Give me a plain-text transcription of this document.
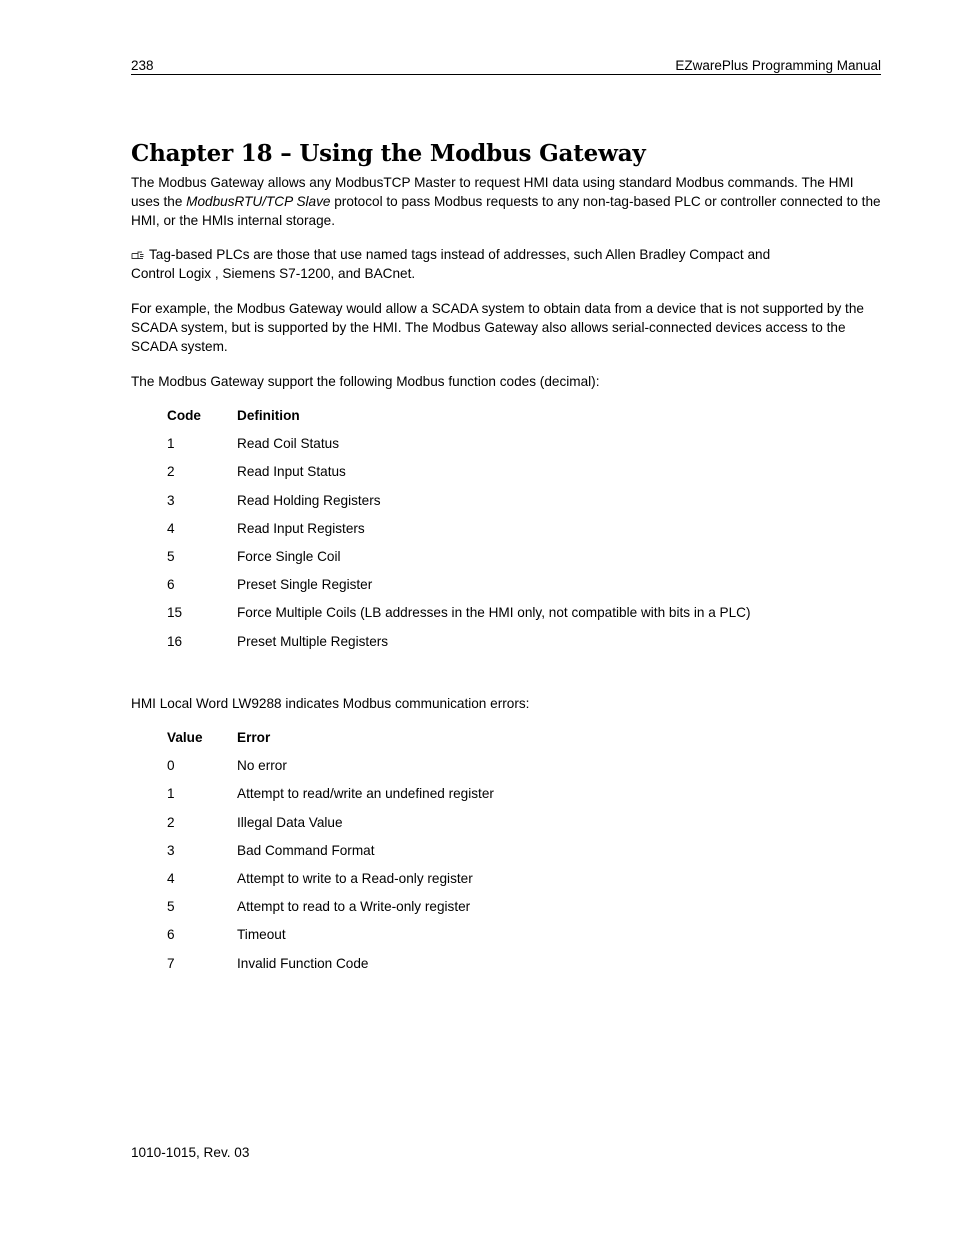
238	EZwarePlus Programming Manual
Chapter 18 – Using the Modbus Gateway

The Modbus Gateway allows any ModbusTCP Master to request HMI data using standard Modbus commands. The HMI uses the ModbusRTU/TCP Slave protocol to pass Modbus requests to any non-tag-based PLC or controller connected to the HMI, or the HMIs internal storage.

Tag-based PLCs are those that use named tags instead of addresses, such Allen Bradley Compact and
Control Logix , Siemens S7-1200, and BACnet.

For example, the Modbus Gateway would allow a SCADA system to obtain data from a device that is not supported by the SCADA system, but is supported by the HMI. The Modbus Gateway also allows serial-connected devices access to the SCADA system.

The Modbus Gateway support the following Modbus function codes (decimal):

Code	Definition
1	Read Coil Status
2	Read Input Status
3	Read Holding Registers
4	Read Input Registers
5	Force Single Coil
6	Preset Single Register
15	Force Multiple Coils (LB addresses in the HMI only, not compatible with bits in a PLC)
16	Preset Multiple Registers

HMI Local Word LW9288 indicates Modbus communication errors:

Value	Error
0	No error
1	Attempt to read/write an undefined register
2	Illegal Data Value
3	Bad Command Format
4	Attempt to write to a Read-only register
5	Attempt to read to a Write-only register
6	Timeout
7	Invalid Function Code
1010-1015, Rev. 03
